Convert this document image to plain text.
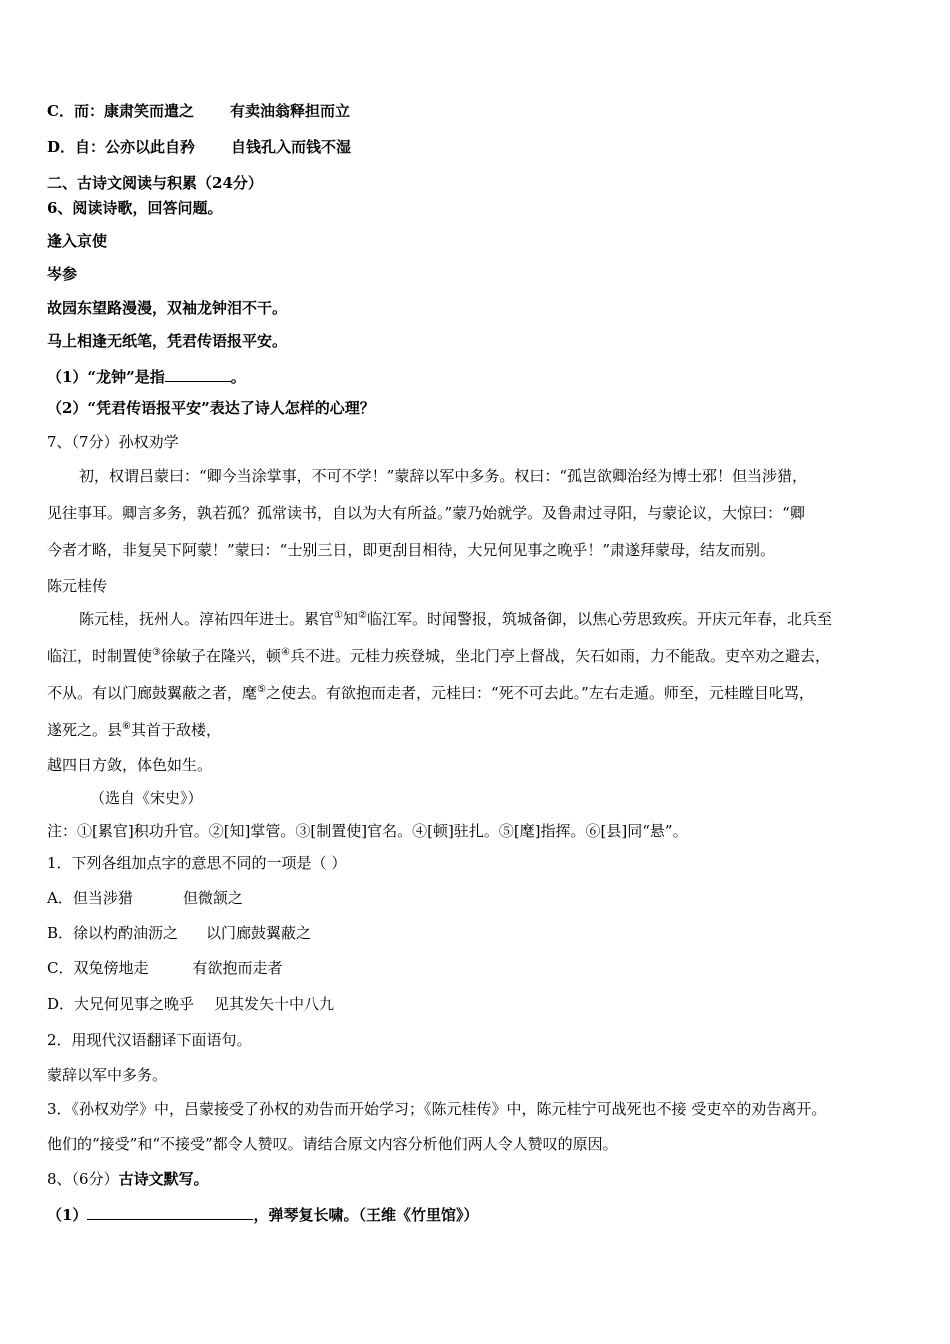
C．而：康肃笑而遣之 有卖油翁释担而立
D．自：公亦以此自矜 自钱孔入而钱不湿
二、古诗文阅读与积累（24分）
6、阅读诗歌，回答问题。
逢入京使
岑参
故园东望路漫漫，双袖龙钟泪不干。
马上相逢无纸笔，凭君传语报平安。
（1）“龙钟”是指	。
（2）“凭君传语报平安”表达了诗人怎样的心理？
7、（7分）孙权劝学
初，权谓吕蒙曰：“卿今当涂掌事，不可不学！”蒙辞以军中多务。权曰：“孤岂欲卿治经为博士邪！但当涉猎，
见往事耳。卿言多务，孰若孤？孤常读书，自以为大有所益。”蒙乃始就学。及鲁肃过寻阳，与蒙论议，大惊曰：“卿
今者才略，非复吴下阿蒙！”蒙曰：“士别三日，即更刮目相待，大兄何见事之晚乎！”肃遂拜蒙母，结友而别。
陈元桂传
陈元桂，抚州人。淳祐四年进士。累官①知②临江军。时闻警报，筑城备御，以焦心劳思致疾。开庆元年春，北兵至
临江，时制置使③徐敏子在隆兴，顿④兵不进。元桂力疾登城，坐北门亭上督战，矢石如雨，力不能敌。吏卒劝之避去，
不从。有以门廊鼓翼蔽之者，麾⑤之使去。有欲抱而走者，元桂曰：“死不可去此。”左右走遁。师至，元桂瞠目叱骂，
遂死之。县⑥其首于敌楼，
越四日方敛，体色如生。
（选自《宋史》）
注：①[累官]积功升官。②[知]掌管。③[制置使]官名。④[顿]驻扎。⑤[麾]指挥。⑥[县]同“悬”。
1．下列各组加点字的意思不同的一项是（ ）
A．但当涉猎	但微颔之
B．徐以杓酌油沥之 以门廊鼓翼蔽之
C．双兔傍地走	有欲抱而走者
D．大兄何见事之晚乎 见其发矢十中八九
2．用现代汉语翻译下面语句。
蒙辞以军中多务。
3．《孙权劝学》中，吕蒙接受了孙权的劝告而开始学习；《陈元桂传》中，陈元桂宁可战死也不接 受吏卒的劝告离开。
他们的“接受”和“不接受”都令人赞叹。请结合原文内容分析他们两人令人赞叹的原因。
8、（6分）古诗文默写。
（1）	，弹琴复长啸。（王维《竹里馆》）
